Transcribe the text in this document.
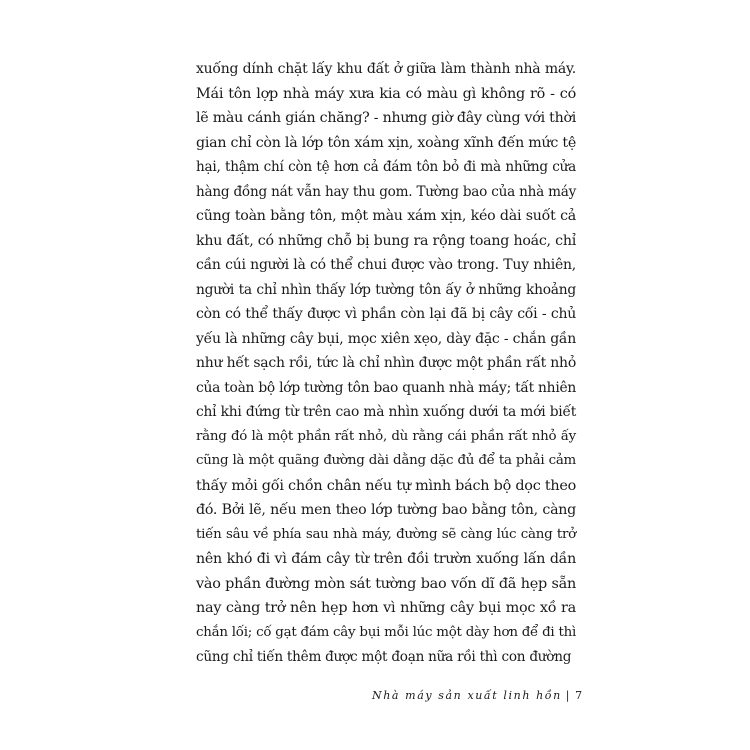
xuống dính chặt lấy khu đất ở giữa làm thành nhà máy.
Mái tôn lợp nhà máy xưa kia có màu gì không rõ - có
lẽ màu cánh gián chăng? - nhưng giờ đây cùng với thời
gian chỉ còn là lớp tôn xám xịn, xoàng xĩnh đến mức tệ
hại, thậm chí còn tệ hơn cả đám tôn bỏ đi mà những cửa
hàng đồng nát vẫn hay thu gom. Tường bao của nhà máy
cũng toàn bằng tôn, một màu xám xịn, kéo dài suốt cả
khu đất, có những chỗ bị bung ra rộng toang hoác, chỉ
cần cúi người là có thể chui được vào trong. Tuy nhiên,
người ta chỉ nhìn thấy lớp tường tôn ấy ở những khoảng
còn có thể thấy được vì phần còn lại đã bị cây cối - chủ
yếu là những cây bụi, mọc xiên xẹo, dày đặc - chắn gần
như hết sạch rồi, tức là chỉ nhìn được một phần rất nhỏ
của toàn bộ lớp tường tôn bao quanh nhà máy; tất nhiên
chỉ khi đứng từ trên cao mà nhìn xuống dưới ta mới biết
rằng đó là một phần rất nhỏ, dù rằng cái phần rất nhỏ ấy
cũng là một quãng đường dài dằng dặc đủ để ta phải cảm
thấy mỏi gối chồn chân nếu tự mình bách bộ dọc theo
đó. Bởi lẽ, nếu men theo lớp tường bao bằng tôn, càng
tiến sâu về phía sau nhà máy, đường sẽ càng lúc càng trở
nên khó đi vì đám cây từ trên đồi trườn xuống lấn dần
vào phần đường mòn sát tường bao vốn dĩ đã hẹp sẵn
nay càng trở nên hẹp hơn vì những cây bụi mọc xồ ra
chắn lối; cố gạt đám cây bụi mỗi lúc một dày hơn để đi thì
cũng chỉ tiến thêm được một đoạn nữa rồi thì con đường
Nhà máy sản xuất linh hồn | 7
